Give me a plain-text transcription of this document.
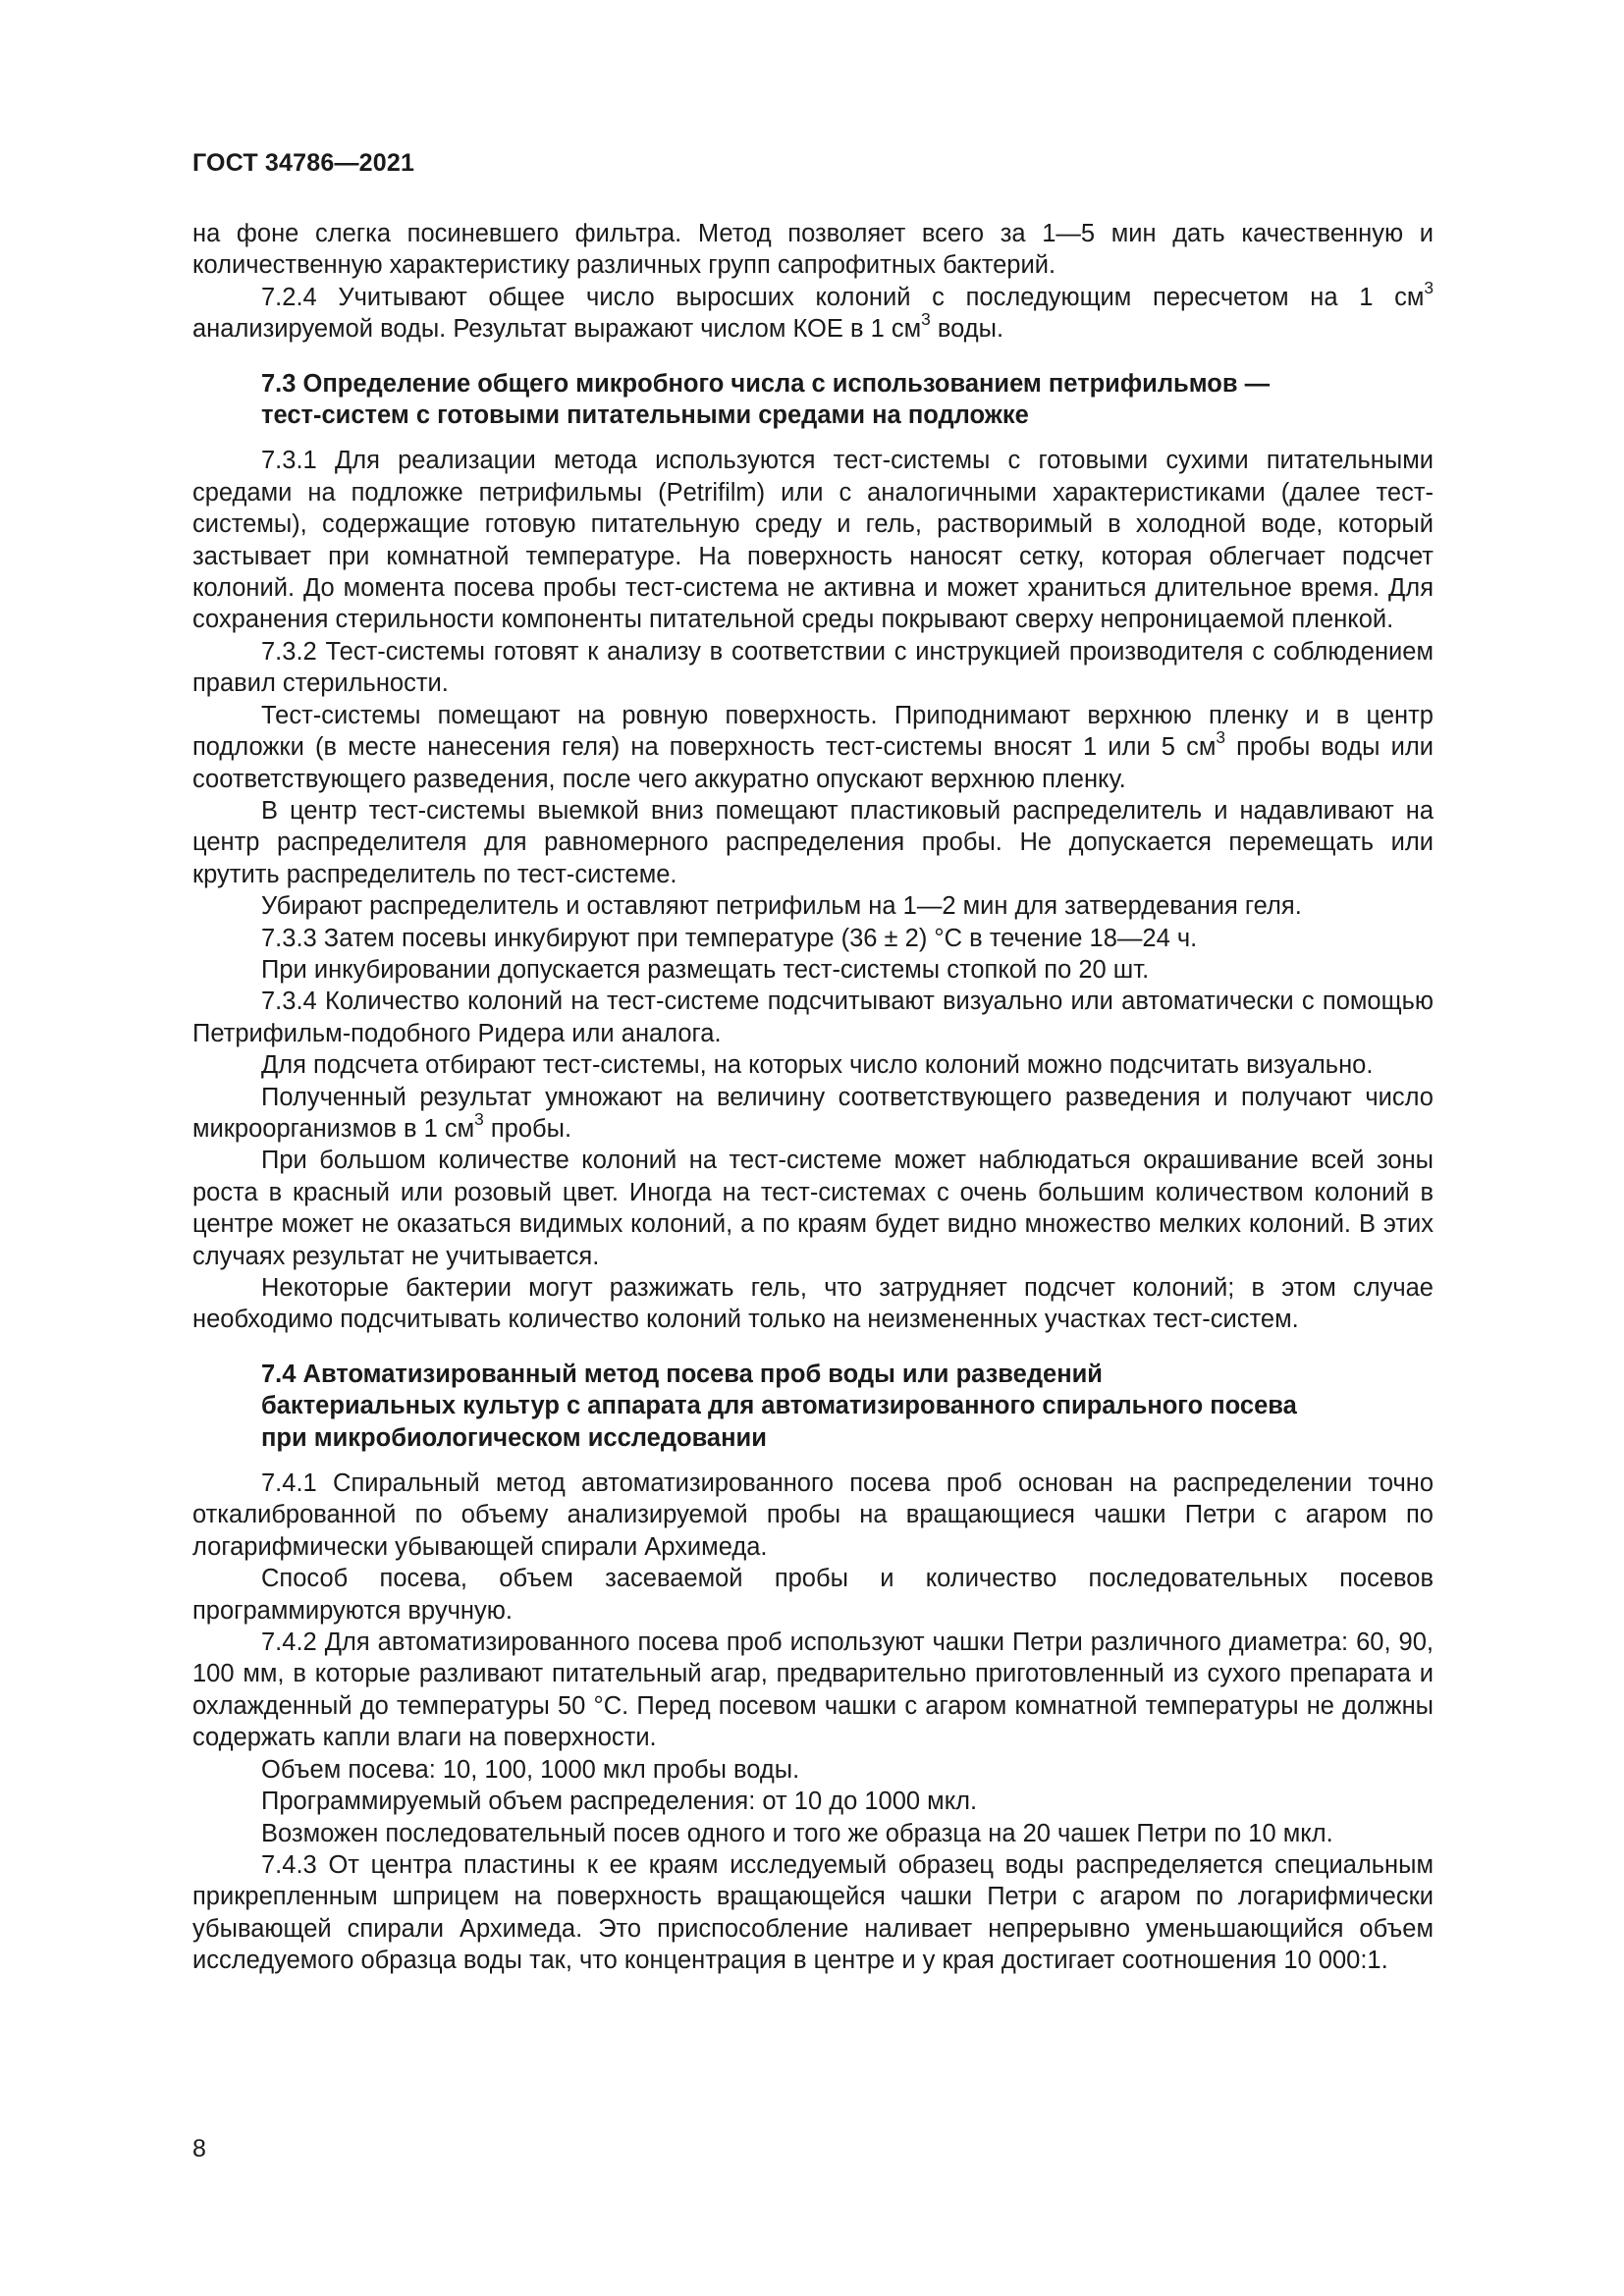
ГОСТ 34786—2021

на фоне слегка посиневшего фильтра. Метод позволяет всего за 1—5 мин дать качественную и количественную характеристику различных групп сапрофитных бактерий.

7.2.4 Учитывают общее число выросших колоний с последующим пересчетом на 1 $см^3$ анализируемой воды. Результат выражают числом КОЕ в 1 $см^3$ воды.

7.3 Определение общего микробного числа с использованием петрифильмов —
тест-систем с готовыми питательными средами на подложке

7.3.1 Для реализации метода используются тест-системы с готовыми сухими питательными средами на подложке петрифильмы (Petrifilm) или с аналогичными характеристиками (далее тест-системы), содержащие готовую питательную среду и гель, растворимый в холодной воде, который застывает при комнатной температуре. На поверхность наносят сетку, которая облегчает подсчет колоний. До момента посева пробы тест-система не активна и может храниться длительное время. Для сохранения стерильности компоненты питательной среды покрывают сверху непроницаемой пленкой.

7.3.2 Тест-системы готовят к анализу в соответствии с инструкцией производителя с соблюдением правил стерильности.

Тест-системы помещают на ровную поверхность. Приподнимают верхнюю пленку и в центр подложки (в месте нанесения геля) на поверхность тест-системы вносят 1 или 5 $см^3$ пробы воды или соответствующего разведения, после чего аккуратно опускают верхнюю пленку.

В центр тест-системы выемкой вниз помещают пластиковый распределитель и надавливают на центр распределителя для равномерного распределения пробы. Не допускается перемещать или крутить распределитель по тест-системе.

Убирают распределитель и оставляют петрифильм на 1—2 мин для затвердевания геля.

7.3.3 Затем посевы инкубируют при температуре (36 ± 2) °С в течение 18—24 ч.

При инкубировании допускается размещать тест-системы стопкой по 20 шт.

7.3.4 Количество колоний на тест-системе подсчитывают визуально или автоматически с помощью Петрифильм-подобного Ридера или аналога.

Для подсчета отбирают тест-системы, на которых число колоний можно подсчитать визуально.

Полученный результат умножают на величину соответствующего разведения и получают число микроорганизмов в 1 $см^3$ пробы.

При большом количестве колоний на тест-системе может наблюдаться окрашивание всей зоны роста в красный или розовый цвет. Иногда на тест-системах с очень большим количеством колоний в центре может не оказаться видимых колоний, а по краям будет видно множество мелких колоний. В этих случаях результат не учитывается.

Некоторые бактерии могут разжижать гель, что затрудняет подсчет колоний; в этом случае необходимо подсчитывать количество колоний только на неизмененных участках тест-систем.

7.4 Автоматизированный метод посева проб воды или разведений
бактериальных культур с аппарата для автоматизированного спирального посева
при микробиологическом исследовании

7.4.1 Спиральный метод автоматизированного посева проб основан на распределении точно откалиброванной по объему анализируемой пробы на вращающиеся чашки Петри с агаром по логарифмически убывающей спирали Архимеда.

Способ посева, объем засеваемой пробы и количество последовательных посевов программируются вручную.

7.4.2 Для автоматизированного посева проб используют чашки Петри различного диаметра: 60, 90, 100 мм, в которые разливают питательный агар, предварительно приготовленный из сухого препарата и охлажденный до температуры 50 °С. Перед посевом чашки с агаром комнатной температуры не должны содержать капли влаги на поверхности.

Объем посева: 10, 100, 1000 мкл пробы воды.

Программируемый объем распределения: от 10 до 1000 мкл.

Возможен последовательный посев одного и того же образца на 20 чашек Петри по 10 мкл.

7.4.3 От центра пластины к ее краям исследуемый образец воды распределяется специальным прикрепленным шприцем на поверхность вращающейся чашки Петри с агаром по логарифмически убывающей спирали Архимеда. Это приспособление наливает непрерывно уменьшающийся объем исследуемого образца воды так, что концентрация в центре и у края достигает соотношения 10 000:1.

8
